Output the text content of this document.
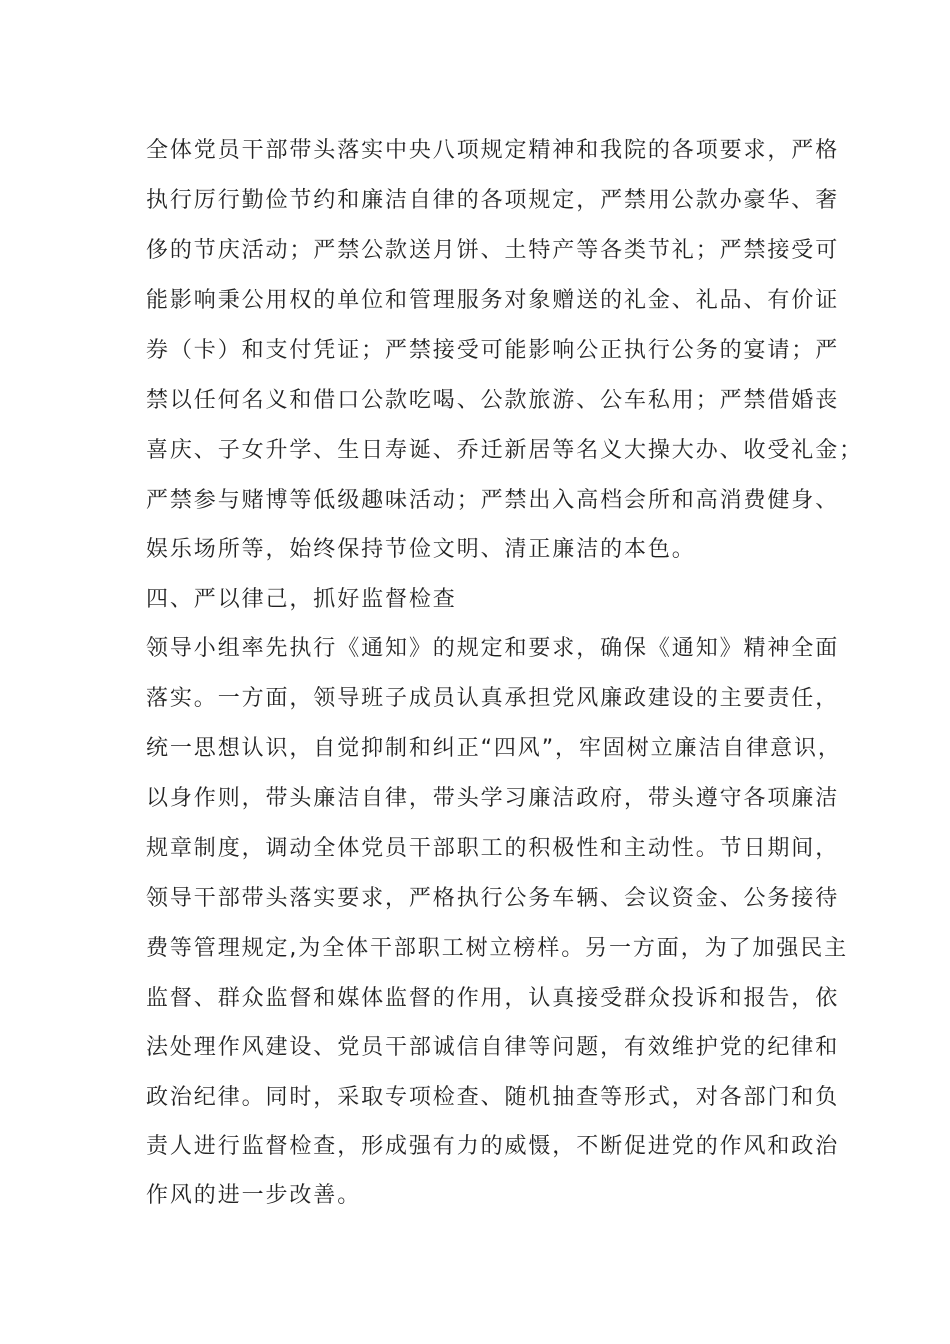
全体党员干部带头落实中央八项规定精神和我院的各项要求，严格
执行厉行勤俭节约和廉洁自律的各项规定，严禁用公款办豪华、奢
侈的节庆活动；严禁公款送月饼、土特产等各类节礼；严禁接受可
能影响秉公用权的单位和管理服务对象赠送的礼金、礼品、有价证
券（卡）和支付凭证；严禁接受可能影响公正执行公务的宴请；严
禁以任何名义和借口公款吃喝、公款旅游、公车私用；严禁借婚丧
喜庆、子女升学、生日寿诞、乔迁新居等名义大操大办、收受礼金；
严禁参与赌博等低级趣味活动；严禁出入高档会所和高消费健身、
娱乐场所等，始终保持节俭文明、清正廉洁的本色。
四、严以律己，抓好监督检查
领导小组率先执行《通知》的规定和要求，确保《通知》精神全面
落实。一方面，领导班子成员认真承担党风廉政建设的主要责任，
统一思想认识，自觉抑制和纠正“四风”，牢固树立廉洁自律意识，
以身作则，带头廉洁自律，带头学习廉洁政府，带头遵守各项廉洁
规章制度，调动全体党员干部职工的积极性和主动性。节日期间，
领导干部带头落实要求，严格执行公务车辆、会议资金、公务接待
费等管理规定,为全体干部职工树立榜样。另一方面，为了加强民主
监督、群众监督和媒体监督的作用，认真接受群众投诉和报告，依
法处理作风建设、党员干部诚信自律等问题，有效维护党的纪律和
政治纪律。同时，采取专项检查、随机抽查等形式，对各部门和负
责人进行监督检查，形成强有力的威慑，不断促进党的作风和政治
作风的进一步改善。
